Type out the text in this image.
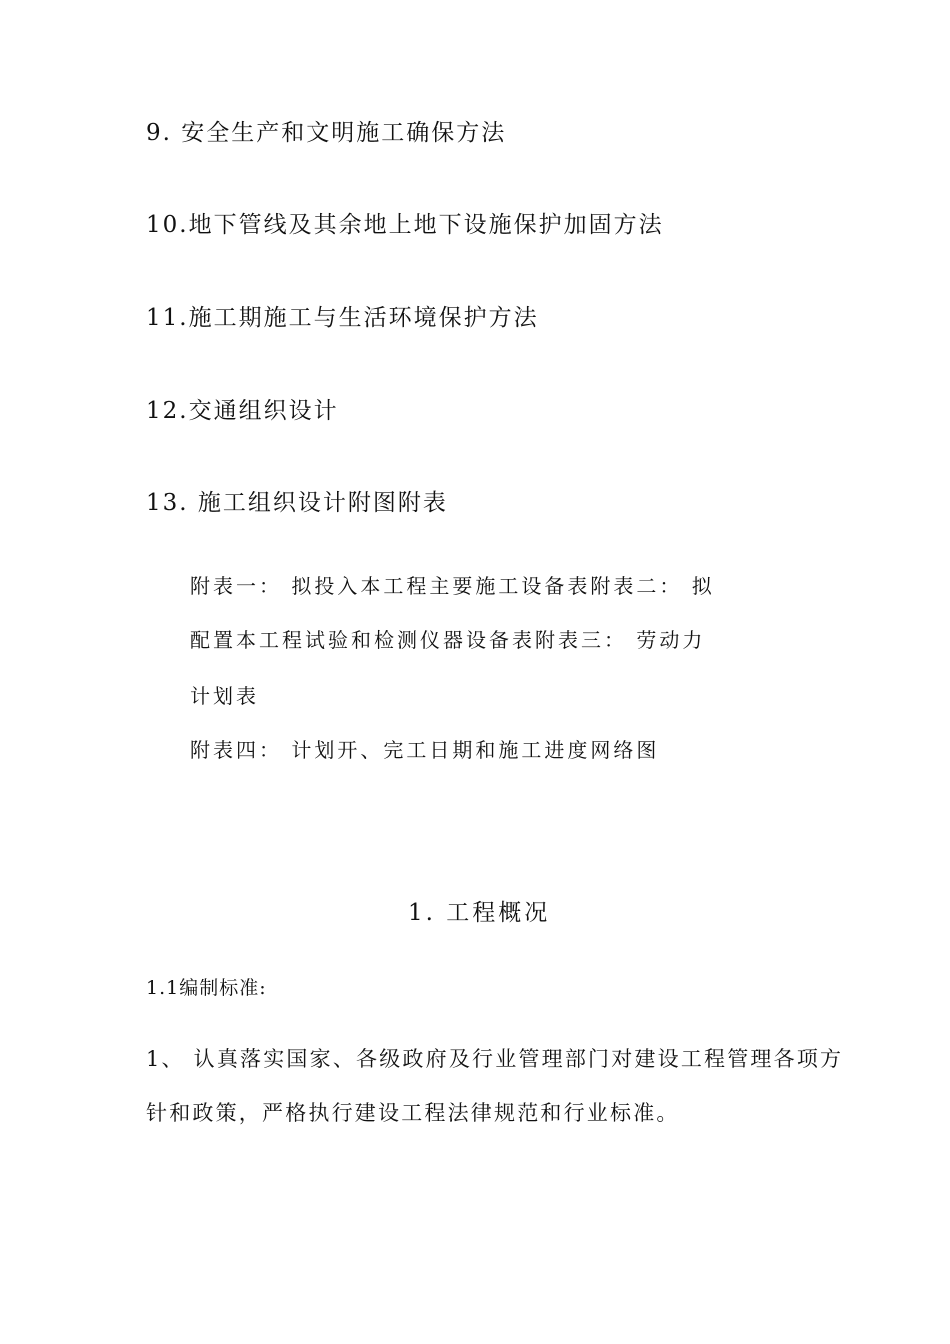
9. 安全生产和文明施工确保方法
10.地下管线及其余地上地下设施保护加固方法
11.施工期施工与生活环境保护方法
12.交通组织设计
13. 施工组织设计附图附表
附表一： 拟投入本工程主要施工设备表附表二： 拟
配置本工程试验和检测仪器设备表附表三： 劳动力
计划表
附表四： 计划开、完工日期和施工进度网络图
1. 工程概况
1.1编制标准:
1、 认真落实国家、各级政府及行业管理部门对建设工程管理各项方
针和政策，严格执行建设工程法律规范和行业标准。
